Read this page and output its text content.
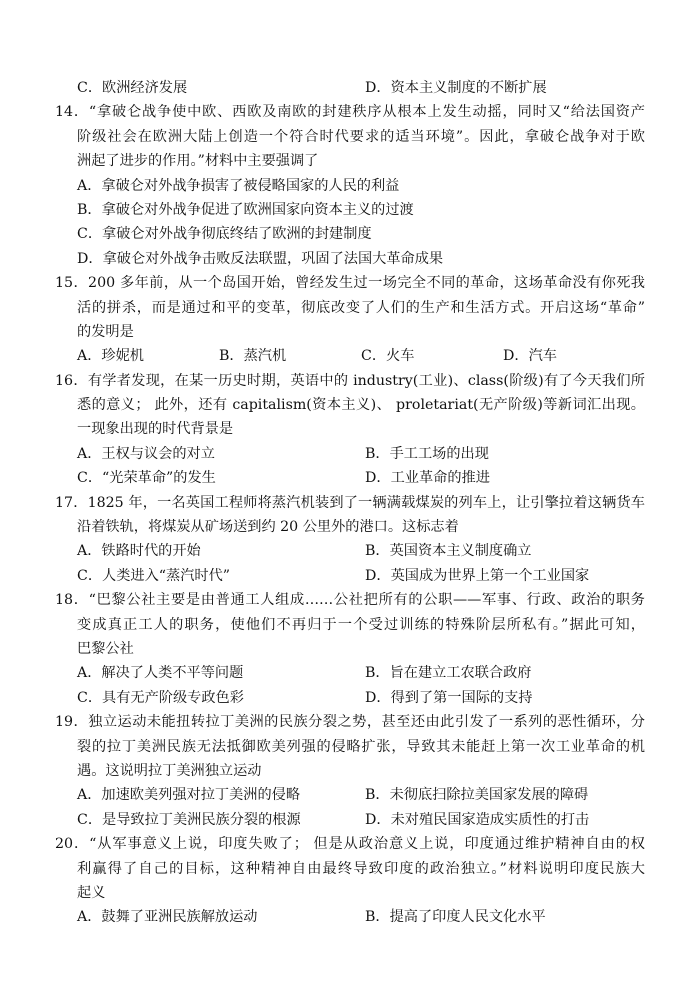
C．欧洲经济发展	D．资本主义制度的不断扩展
14．“拿破仑战争使中欧、西欧及南欧的封建秩序从根本上发生动摇，同时又“给法国资产
阶级社会在欧洲大陆上创造一个符合时代要求的适当环境”。因此，拿破仑战争对于欧
洲起了进步的作用。”材料中主要强调了
A．拿破仑对外战争损害了被侵略国家的人民的利益
B．拿破仑对外战争促进了欧洲国家向资本主义的过渡
C．拿破仑对外战争彻底终结了欧洲的封建制度
D．拿破仑对外战争击败反法联盟，巩固了法国大革命成果
15．200 多年前，从一个岛国开始，曾经发生过一场完全不同的革命，这场革命没有你死我
活的拼杀，而是通过和平的变革，彻底改变了人们的生产和生活方式。开启这场“革命”
的发明是
A．珍妮机	B．蒸汽机	C．火车	D．汽车
16．有学者发现，在某一历史时期，英语中的 industry(工业)、class(阶级)有了今天我们所
悉的意义； 此外，还有 capitalism(资本主义)、 proletariat(无产阶级)等新词汇出现。
一现象出现的时代背景是
A．王权与议会的对立	B．手工工场的出现
C．“光荣革命”的发生	D．工业革命的推进
17．1825 年，一名英国工程师将蒸汽机装到了一辆满载煤炭的列车上，让引擎拉着这辆货车
沿着铁轨，将煤炭从矿场送到约 20 公里外的港口。这标志着
A．铁路时代的开始	B．英国资本主义制度确立
C．人类进入“蒸汽时代”	D．英国成为世界上第一个工业国家
18．“巴黎公社主要是由普通工人组成……公社把所有的公职——军事、行政、政治的职务
变成真正工人的职务，使他们不再归于一个受过训练的特殊阶层所私有。”据此可知，
巴黎公社
A．解决了人类不平等问题	B．旨在建立工农联合政府
C．具有无产阶级专政色彩	D．得到了第一国际的支持
19．独立运动未能扭转拉丁美洲的民族分裂之势，甚至还由此引发了一系列的恶性循环，分
裂的拉丁美洲民族无法抵御欧美列强的侵略扩张，导致其未能赶上第一次工业革命的机
遇。这说明拉丁美洲独立运动
A．加速欧美列强对拉丁美洲的侵略	B．未彻底扫除拉美国家发展的障碍
C．是导致拉丁美洲民族分裂的根源	D．未对殖民国家造成实质性的打击
20．“从军事意义上说，印度失败了； 但是从政治意义上说，印度通过维护精神自由的权
利赢得了自己的目标，这种精神自由最终导致印度的政治独立。”材料说明印度民族大
起义
A．鼓舞了亚洲民族解放运动	B．提高了印度人民文化水平
